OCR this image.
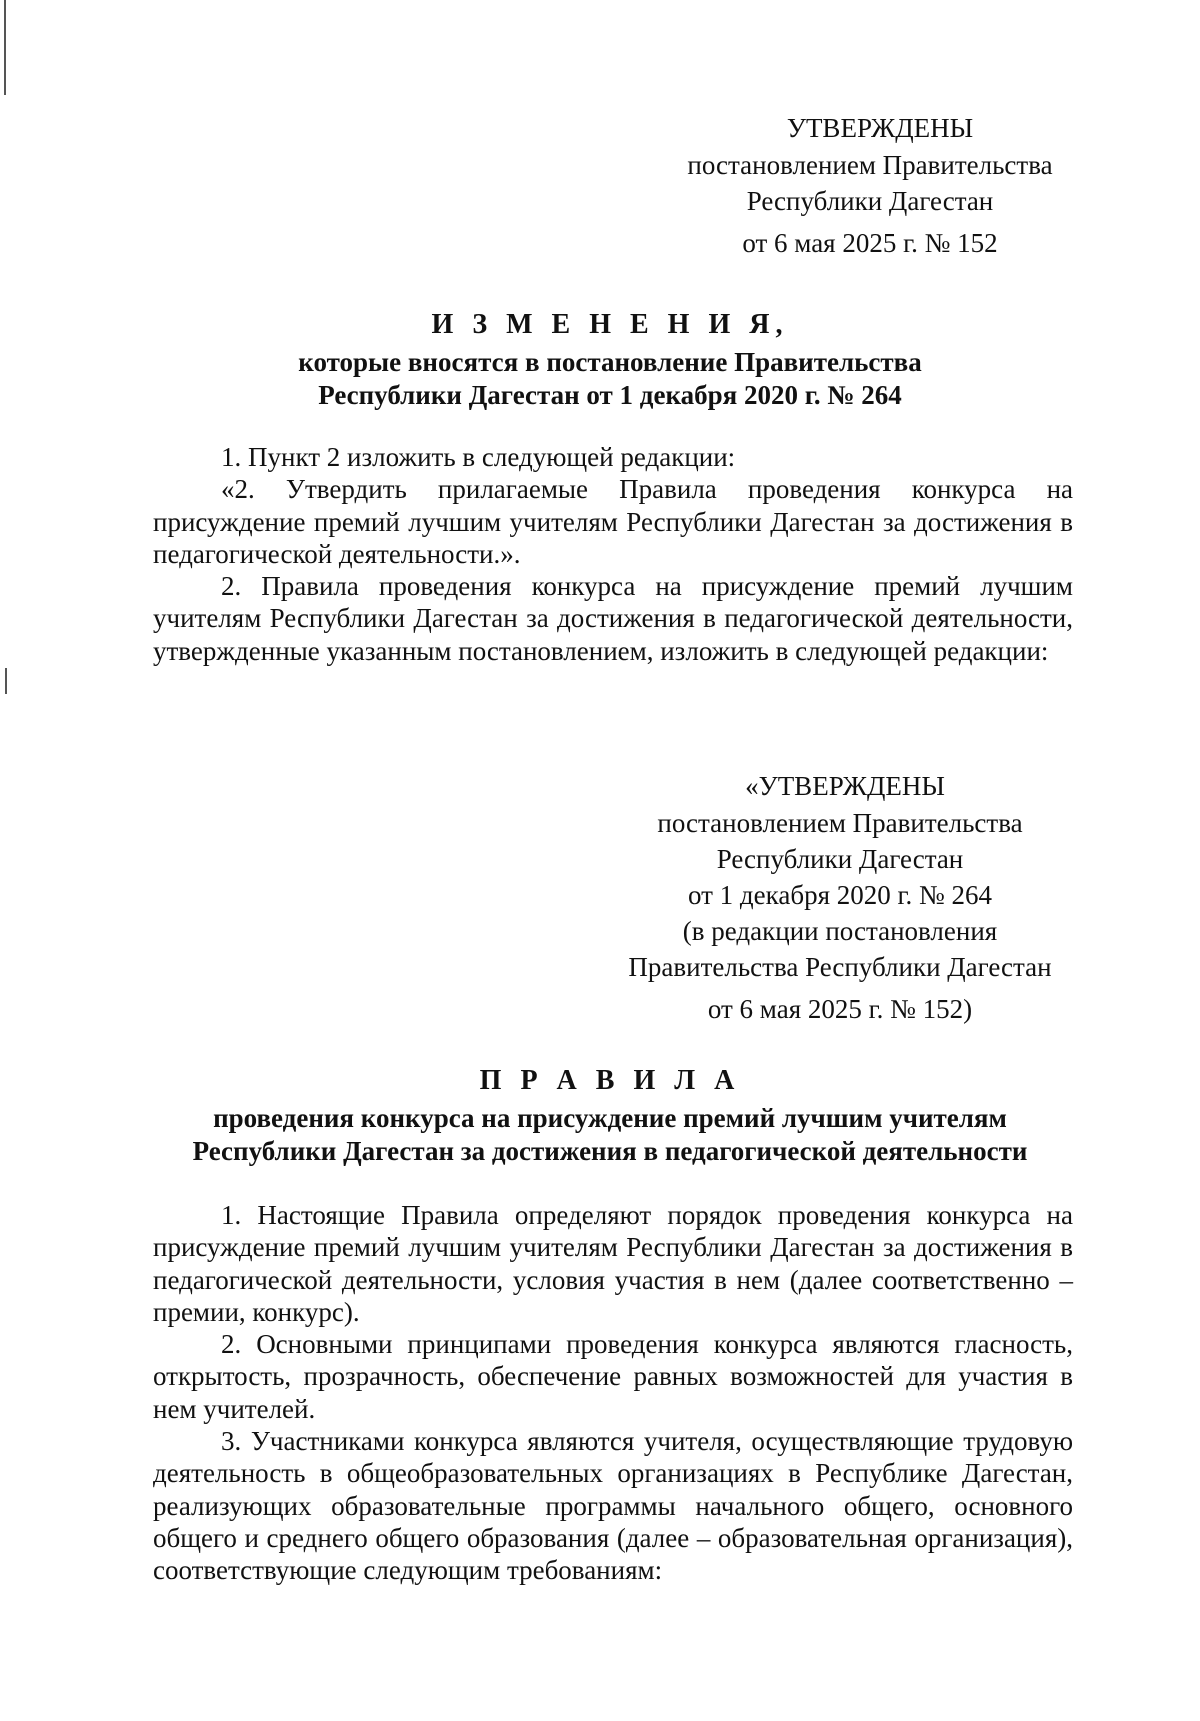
УТВЕРЖДЕНЫ
постановлением Правительства
Республики Дагестан
от 6 мая 2025 г. № 152
И З М Е Н Е Н И Я,
которые вносятся в постановление Правительства
Республики Дагестан от 1 декабря 2020 г. № 264

1. Пункт 2 изложить в следующей редакции:

«2. Утвердить прилагаемые Правила проведения конкурса на присуждение премий лучшим учителям Республики Дагестан за достижения в педагогической деятельности.».

2. Правила проведения конкурса на присуждение премий лучшим учителям Республики Дагестан за достижения в педагогической деятельности, утвержденные указанным постановлением, изложить в следующей редакции:

«УТВЕРЖДЕНЫ
постановлением Правительства
Республики Дагестан
от 1 декабря 2020 г. № 264
(в редакции постановления
Правительства Республики Дагестан
от 6 мая 2025 г. № 152)
П Р А В И Л А
проведения конкурса на присуждение премий лучшим учителям
Республики Дагестан за достижения в педагогической деятельности

1. Настоящие Правила определяют порядок проведения конкурса на присуждение премий лучшим учителям Республики Дагестан за достижения в педагогической деятельности, условия участия в нем (далее соответственно – премии, конкурс).

2. Основными принципами проведения конкурса являются гласность, открытость, прозрачность, обеспечение равных возможностей для участия в нем учителей.

3. Участниками конкурса являются учителя, осуществляющие трудовую деятельность в общеобразовательных организациях в Республике Дагестан, реализующих образовательные программы начального общего, основного общего и среднего общего образования (далее – образовательная организация), соответствующие следующим требованиям:
